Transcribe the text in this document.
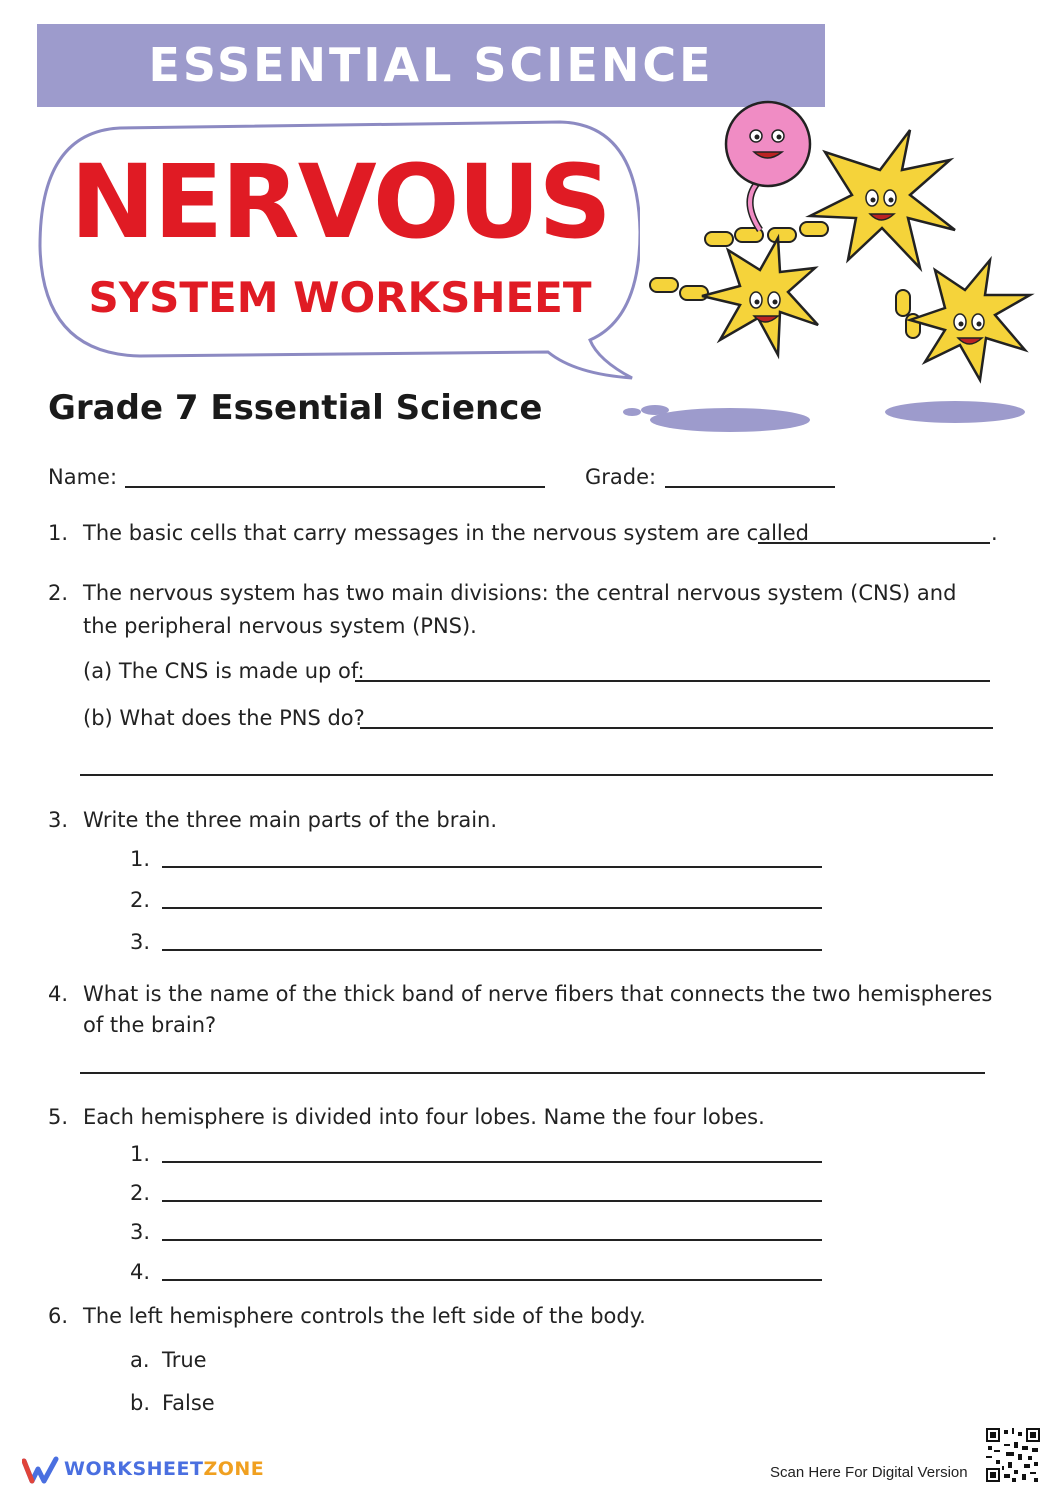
ESSENTIAL SCIENCE
NERVOUS
SYSTEM WORKSHEET
Grade 7 Essential Science
Name:	Grade:
1. The basic cells that carry messages in the nervous system are called	.
2. The nervous system has two main divisions: the central nervous system (CNS) and
the peripheral nervous system (PNS).
(a) The CNS is made up of:
(b) What does the PNS do?
3. Write the three main parts of the brain.
1.
2.
3.
4. What is the name of the thick band of nerve fibers that connects the two hemispheres
of the brain?
5. Each hemisphere is divided into four lobes. Name the four lobes.
1.
2.
3.
4.
6. The left hemisphere controls the left side of the body.
a. True
b. False
WORKSHEETZONE	Scan Here For Digital Version
